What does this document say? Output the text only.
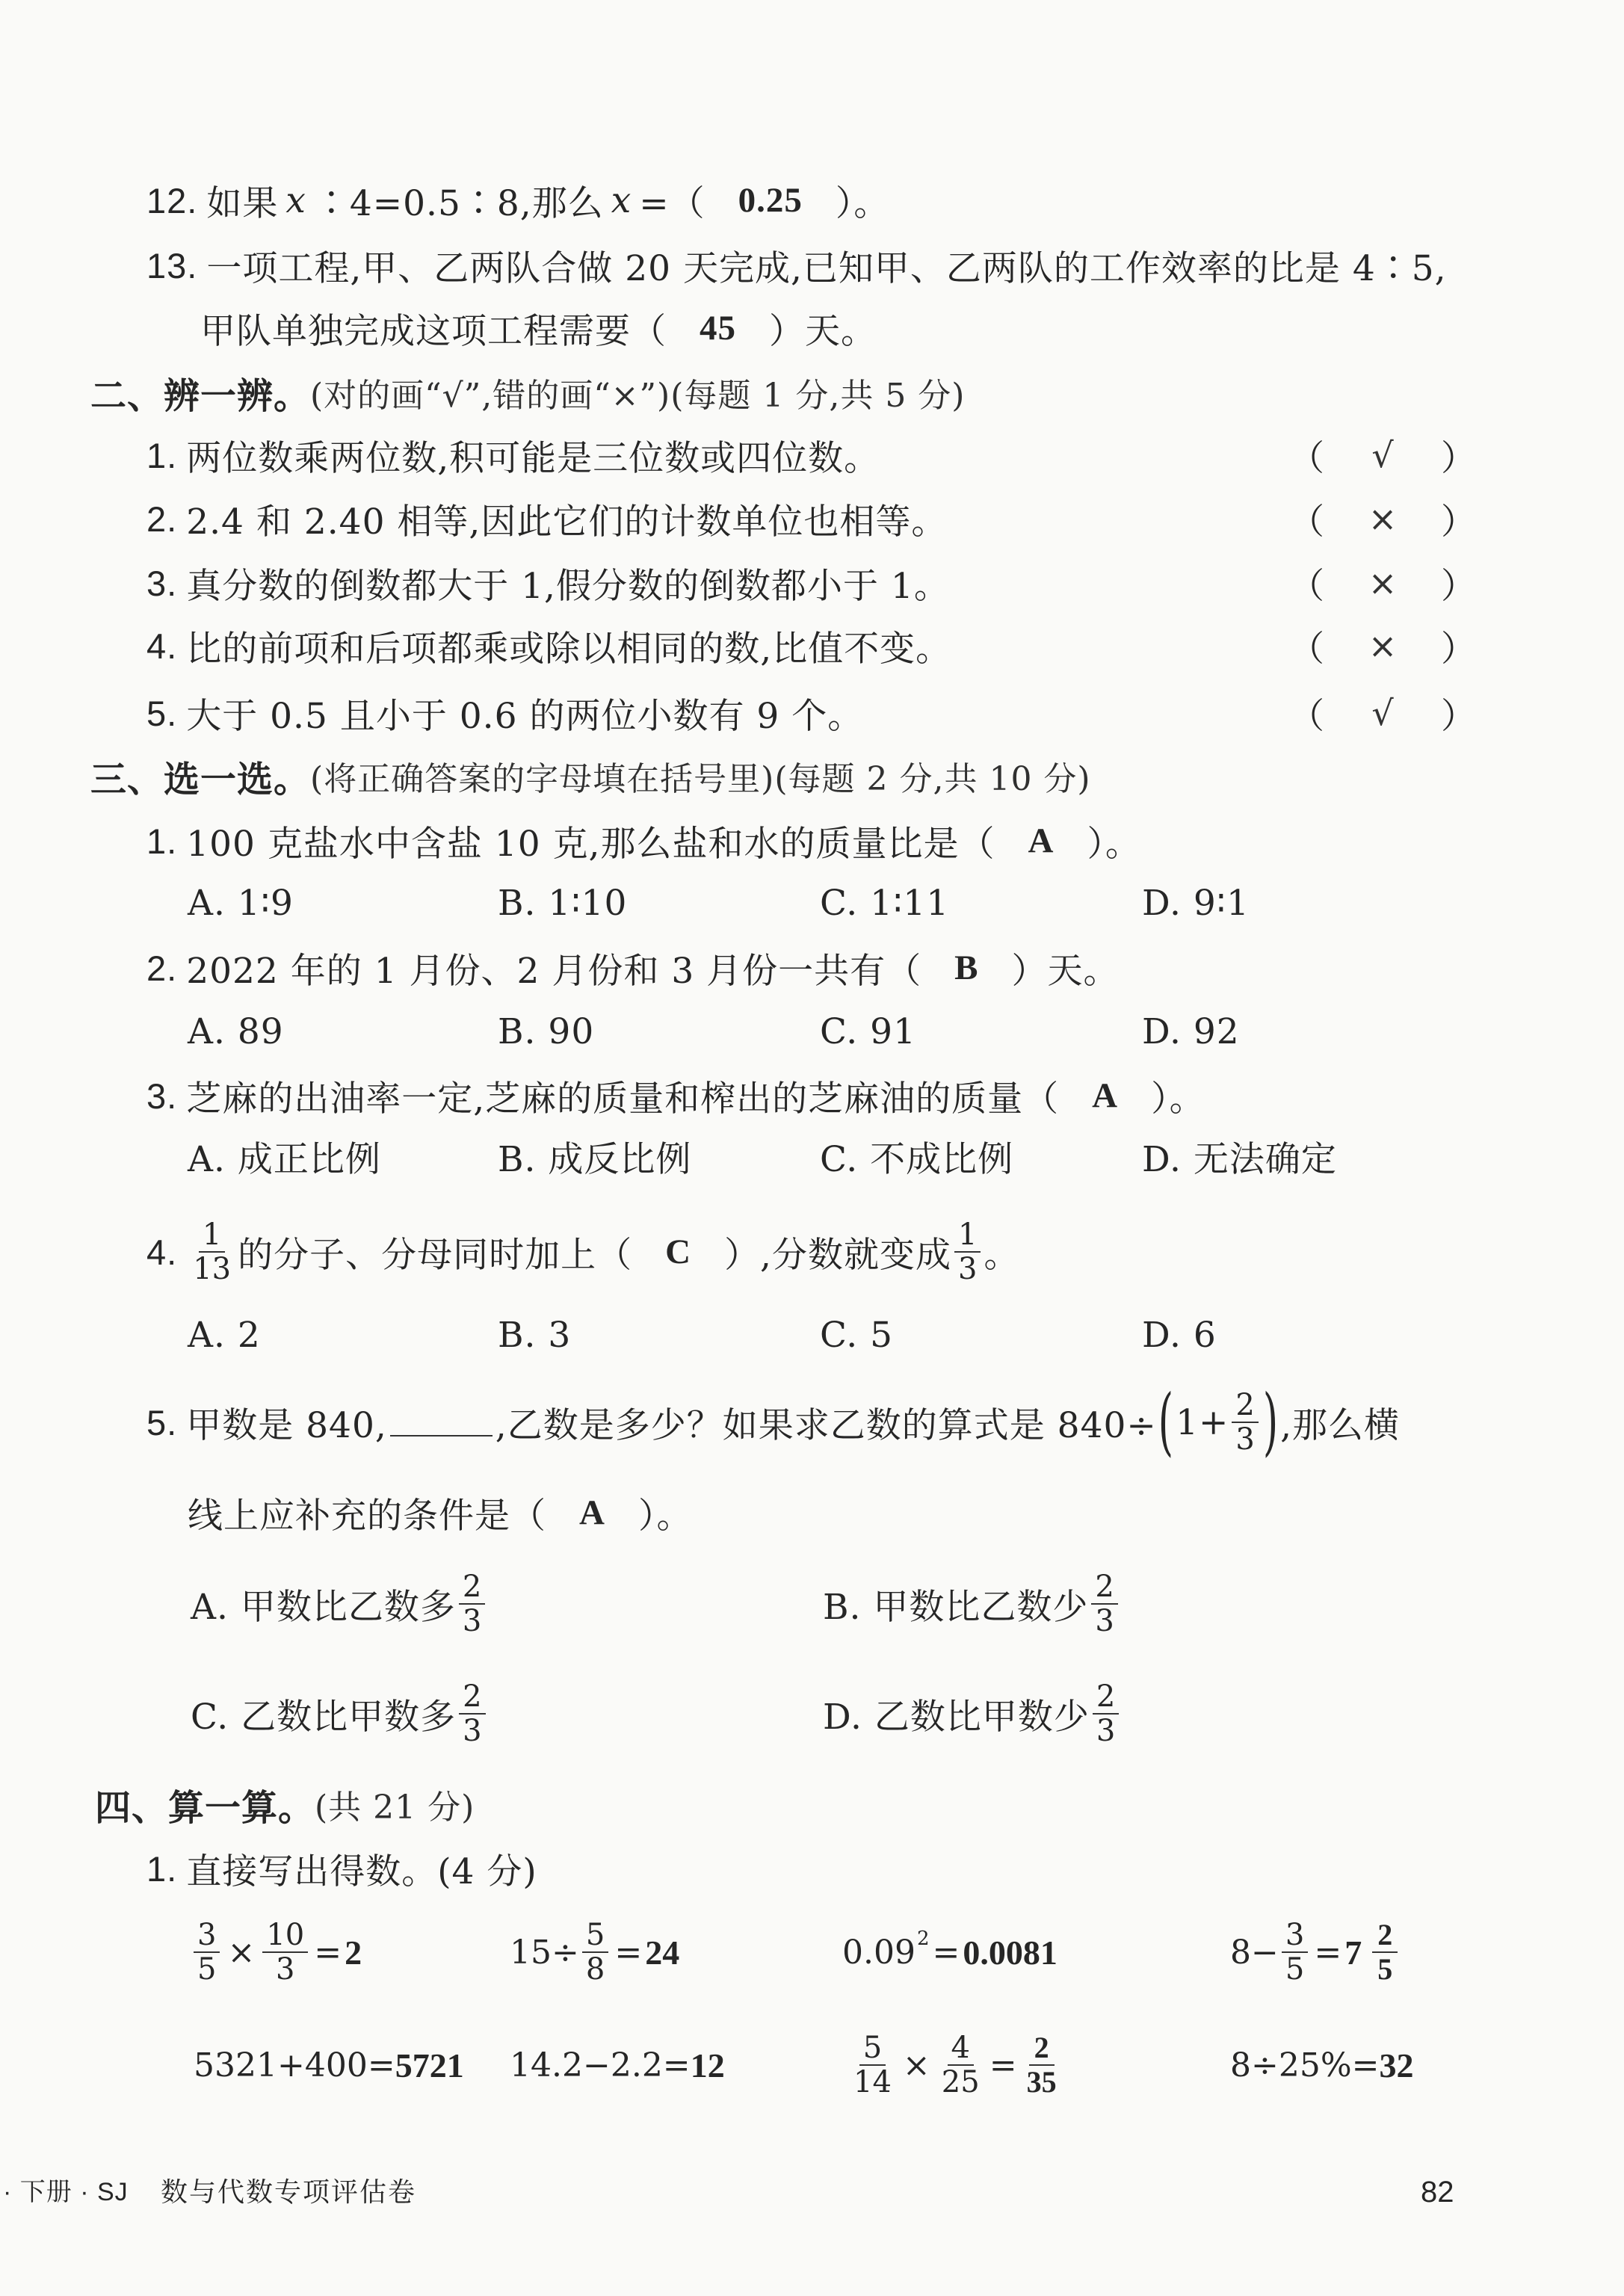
12. 如果 x ∶4=0.5∶8,那么 x =（ 0.25 ）。
13. 一项工程,甲、乙两队合做 20 天完成,已知甲、乙两队的工作效率的比是 4∶5,
甲队单独完成这项工程需要（ 45 ）天。
二、辨一辨。 (对的画“√”,错的画“×”)(每题 1 分,共 5 分)
1. 两位数乘两位数,积可能是三位数或四位数。	（ √ ）
2. 2.4 和 2.40 相等,因此它们的计数单位也相等。	（ × ）
3. 真分数的倒数都大于 1,假分数的倒数都小于 1。	（ × ）
4. 比的前项和后项都乘或除以相同的数,比值不变。	（ × ）
5. 大于 0.5 且小于 0.6 的两位小数有 9 个。	（ √ ）
三、选一选。 (将正确答案的字母填在括号里)(每题 2 分,共 10 分)
1. 100 克盐水中含盐 10 克,那么盐和水的质量比是（ A ）。
A. 1∶9	B. 1∶10	C. 1∶11	D. 9∶1
2. 2022 年的 1 月份、2 月份和 3 月份一共有（ B ）天。
A. 89	B. 90	C. 91	D. 92
3. 芝麻的出油率一定,芝麻的质量和榨出的芝麻油的质量（ A ）。
A. 成正比例	B. 成反比例	C. 不成比例	D. 无法确定
4. $\frac{1}{13}$ 的分子、分母同时加上（ C ）,分数就变成 $\frac{1}{3}$ 。
A. 2	B. 3	C. 5	D. 6
5. 甲数是 840,	,乙数是多少？如果求乙数的算式是 840÷ ( $1+ \frac{2}{3}$ ) ,那么横
线上应补充的条件是（ A ）。
A. 甲数比乙数多 $\frac{2}{3}$	B. 甲数比乙数少 $\frac{2}{3}$
C. 乙数比甲数多 $\frac{2}{3}$	D. 乙数比甲数少 $\frac{2}{3}$
四、算一算。 (共 21 分)
1. 直接写出得数。(4 分)
$\frac{3}{5} \times \frac{10}{3} = 2$	$15\div \frac{5}{8} = 24$	0.09 2 = 0.0081	$8- \frac{3}{5} = 7 \frac{2}{5}$
5321+400= 5721 14.2−2.2= 12	$\frac{5}{14} \times \frac{4}{25} = \frac{2}{35}$	8÷25%= 32
· 下册 · SJ 数与代数专项评估卷	82
